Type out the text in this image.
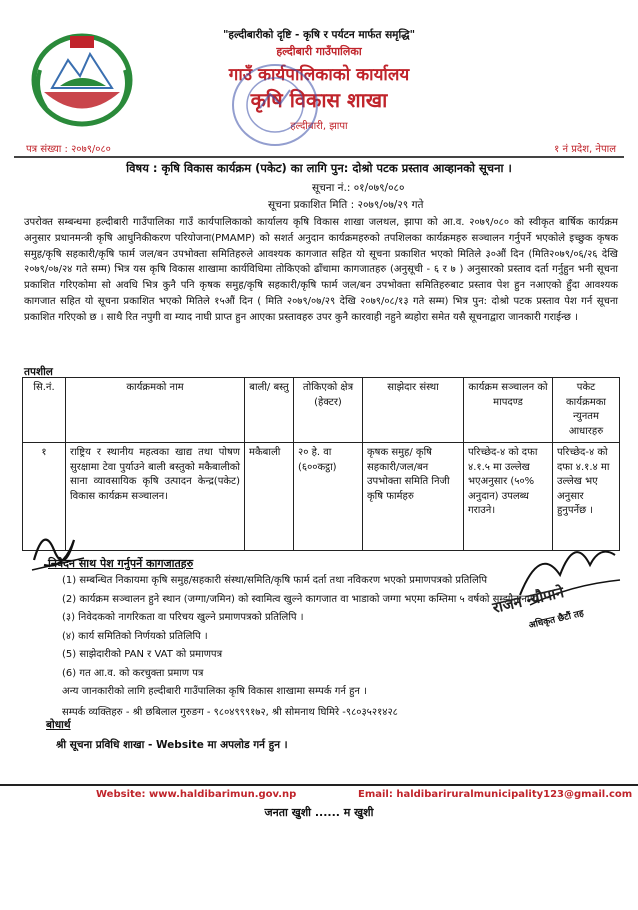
"हल्दीबारीको दृष्टि - कृषि र पर्यटन मार्फत समृद्धि"
हल्दीबारी गाउँपालिका
गाउँ कार्यपालिकाको कार्यालय
कृषि विकास शाखा
हल्दीबारी, झापा
पत्र संख्या : २०७९/०८०	१ नं प्रदेश, नेपाल
विषय : कृषि विकास कार्यक्रम (पकेट) का लागि पुन: दोश्रो पटक प्रस्ताव आव्हानको सूचना ।
सूचना नं.: ०१/०७९/०८०
सूचना प्रकाशित मिति : २०७९/०७/२९ गते
उपरोक्त सम्बन्धमा हल्दीबारी गाउँपालिका गाउँ कार्यपालिकाको कार्यालय कृषि विकास शाखा जलथल, झापा को आ.व. २०७९/०८० को स्वीकृत बार्षिक कार्यक्रम अनुसार प्रधानमन्त्री कृषि आधुनिकीकरण परियोजना(PMAMP) को सशर्त अनुदान कार्यक्रमहरुको तपशिलका कार्यक्रमहरु सञ्चालन गर्नुपर्ने भएकोले इच्छुक कृषक समुह/कृषि सहकारी/कृषि फार्म जल/बन उपभोक्ता समितिहरुले आवश्यक कागजात सहित यो सूचना प्रकाशित भएको मितिले ३०औं दिन (मिति२०७९/०६/२६ देखि २०७९/०७/२४ गते सम्म) भित्र यस कृषि विकास शाखामा कार्यविधिमा तोकिएको ढाँचामा कागजातहरु (अनुसूची - ६ र ७ ) अनुसारको प्रस्ताव दर्ता गर्नुहुन भनी सूचना प्रकाशित गरिएकोमा सो अवधि भित्र कुनै पनि कृषक समुह/कृषि सहकारी/कृषि फार्म जल/बन उपभोक्ता समितिहरुबाट प्रस्ताव पेश हुन नआएको हुँदा आवश्यक कागजात सहित यो सूचना प्रकाशित भएको मितिले १५औं दिन ( मिति २०७९/०७/२९ देखि २०७९/०८/१३ गते सम्म) भित्र पुन: दोश्रो पटक प्रस्ताव पेश गर्न सूचना प्रकाशित गरिएको छ । साथै रित नपुगी वा म्याद नाघी प्राप्त हुन आएका प्रस्तावहरु उपर कुनै कारवाही नहुने ब्यहोरा समेत यसै सूचनाद्वारा जानकारी गराईन्छ ।
तपशील
सि.नं.	कार्यक्रमको नाम	बाली/ बस्तु	तोकिएको क्षेत्र (हेक्टर)	साझेदार संस्था	कार्यक्रम सञ्चालन को मापदण्ड	पकेट कार्यक्रमका न्युनतम आधारहरु
१	राष्ट्रिय र स्थानीय महत्वका खाद्य तथा पोषण सुरक्षामा टेवा पुर्याउने बाली बस्तुको मकैबालीको साना व्यावसायिक कृषि उत्पादन केन्द्र(पकेट) विकास कार्यक्रम सञ्चालन।	मकैबाली	२० हे. वा (६००कट्ठा)	कृषक समुह/ कृषि सहकारी/जल/बन उपभोक्ता समिति निजी कृषि फार्महरु	परिच्छेद-४ को दफा ४.१.५ मा उल्लेख भएअनुसार (५०% अनुदान) उपलब्ध गराउने।	परिच्छेद-४ को दफा ४.१.४ मा उल्लेख भए अनुसार हुनुपर्नेछ ।
निवेदन साथ पेश गर्नुपर्ने कागजातहरु
(1) सम्बन्धित निकायमा कृषि समुह/सहकारी संस्था/समिति/कृषि फार्म दर्ता तथा नविकरण भएको प्रमाणपत्रको प्रतिलिपि
(2) कार्यक्रम सञ्चालन हुने स्थान (जग्गा/जमिन) को स्वामित्व खुल्ने कागजात वा भाडाको जग्गा भएमा कम्तिमा ५ वर्षको सम्झौतानामा
(३) निवेदकको नागरिकता वा परिचय खुल्ने प्रमाणपत्रको प्रतिलिपि ।
(४) कार्य समितिको निर्णयको प्रतिलिपि ।
(5) साझेदारीको PAN र VAT को प्रमाणपत्र
(6) गत आ.व. को करचुक्ता प्रमाण पत्र
अन्य जानकारीको लागि हल्दीबारी गाउँपालिका कृषि विकास शाखामा सम्पर्क गर्न हुन ।
राजन न्यौपाने
अधिकृत छैटौं तह
सम्पर्क व्यक्तिहरु - श्री छबिलाल गुरुङग - ९८०४९९९१७२, श्री सोमनाथ घिमिरे -९८०३५२१४२८
बोधार्थ
श्री सूचना प्रविधि शाखा - Website मा अपलोड गर्न हुन ।
Website: www.haldibarimun.gov.np	Email: haldibariruralmunicipality123@gmail.com
जनता खुशी ...... म खुशी
